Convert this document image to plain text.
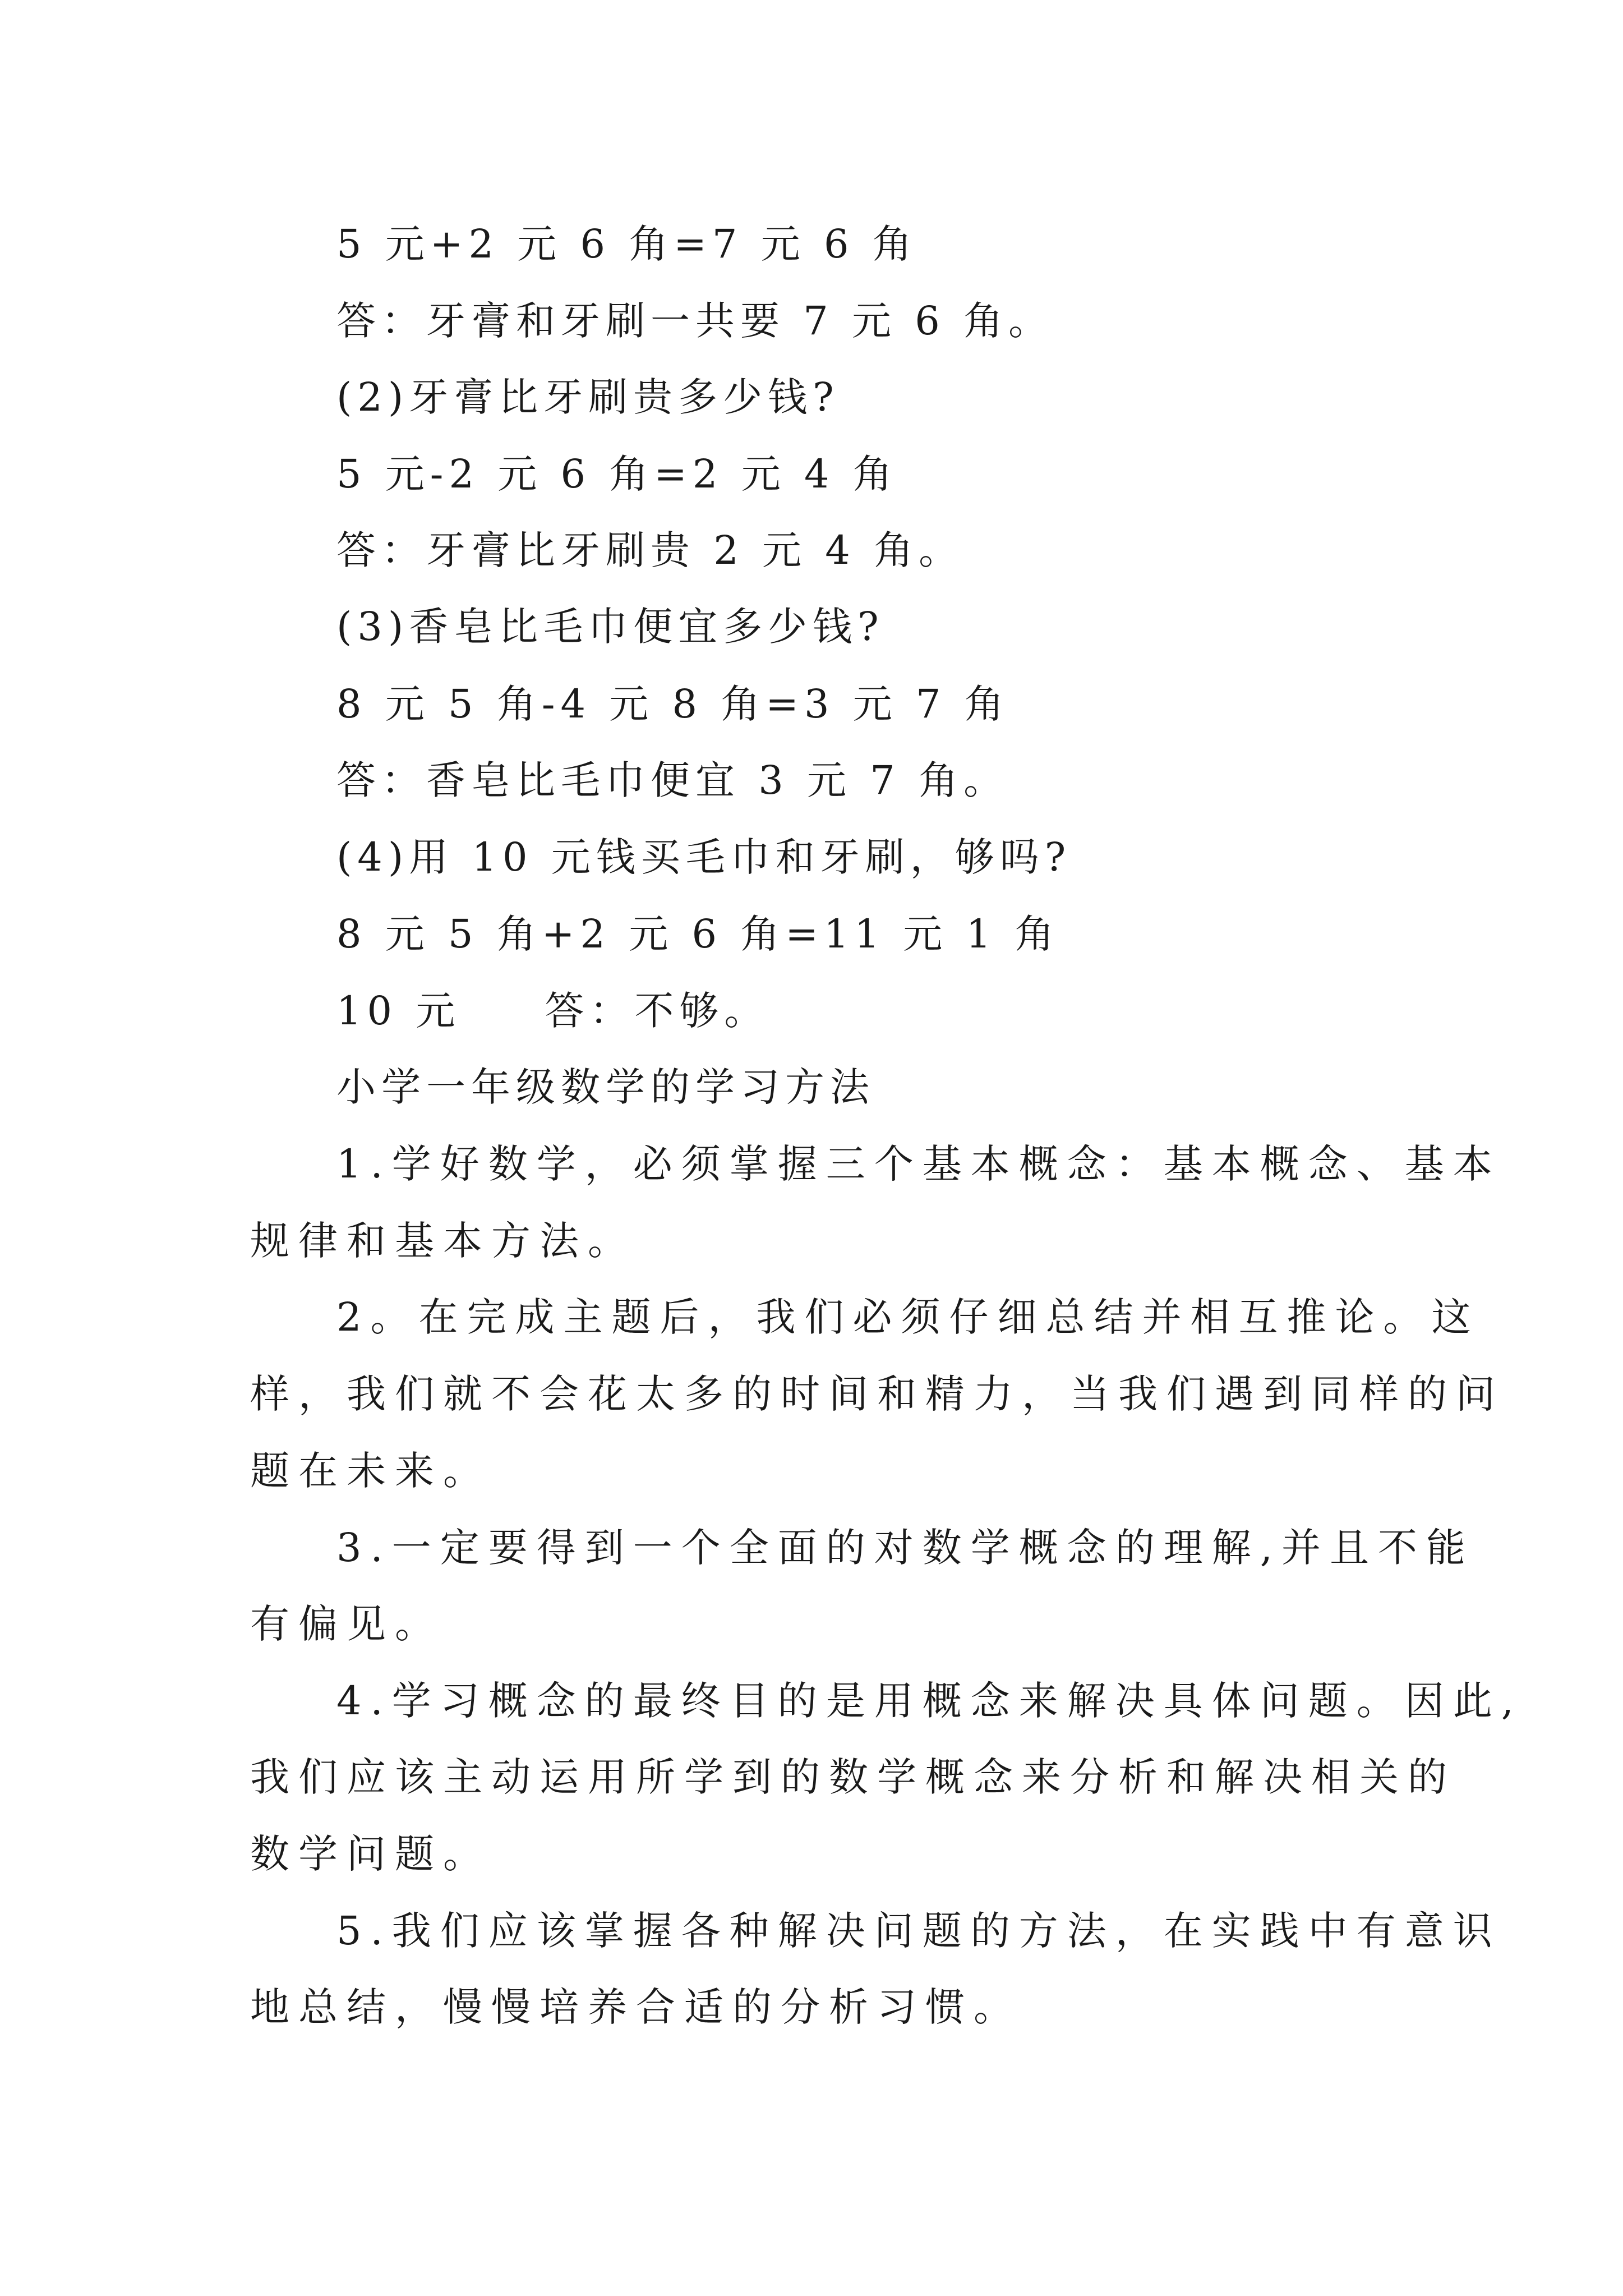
5 元+2 元 6 角=7 元 6 角
答：牙膏和牙刷一共要 7 元 6 角。
(2)牙膏比牙刷贵多少钱?
5 元-2 元 6 角=2 元 4 角
答：牙膏比牙刷贵 2 元 4 角。
(3)香皂比毛巾便宜多少钱?
8 元 5 角-4 元 8 角=3 元 7 角
答：香皂比毛巾便宜 3 元 7 角。
(4)用 10 元钱买毛巾和牙刷，够吗?
8 元 5 角+2 元 6 角=11 元 1 角
10 元 答：不够。
小学一年级数学的学习方法
1.学好数学，必须掌握三个基本概念：基本概念、基本
规律和基本方法。
2。在完成主题后，我们必须仔细总结并相互推论。这
样，我们就不会花太多的时间和精力，当我们遇到同样的问
题在未来。
3.一定要得到一个全面的对数学概念的理解,并且不能
有偏见。
4.学习概念的最终目的是用概念来解决具体问题。因此,
我们应该主动运用所学到的数学概念来分析和解决相关的
数学问题。
5.我们应该掌握各种解决问题的方法，在实践中有意识
地总结，慢慢培养合适的分析习惯。
